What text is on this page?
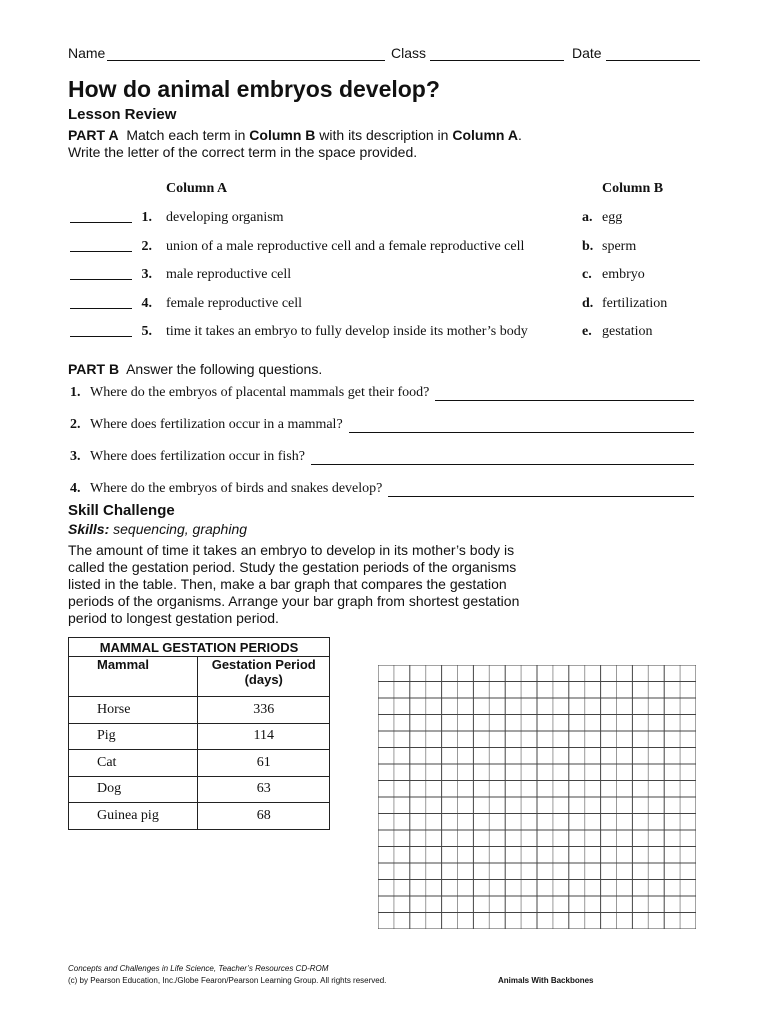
Name	Class	Date
How do animal embryos develop?
Lesson Review
PART A Match each term in Column B with its description in Column A. Write the letter of the correct term in the space provided.
Column A	Column B
1. developing organism	a. egg
2. union of a male reproductive cell and a female reproductive cell	b. sperm
3. male reproductive cell	c. embryo
4. female reproductive cell	d. fertilization
5. time it takes an embryo to fully develop inside its mother’s body	e. gestation
PART B Answer the following questions.
1. Where do the embryos of placental mammals get their food?
2. Where does fertilization occur in a mammal?
3. Where does fertilization occur in fish?
4. Where do the embryos of birds and snakes develop?
Skill Challenge
Skills: sequencing, graphing
The amount of time it takes an embryo to develop in its mother’s body is called the gestation period. Study the gestation periods of the organisms listed in the table. Then, make a bar graph that compares the gestation periods of the organisms. Arrange your bar graph from shortest gestation period to longest gestation period.
MAMMAL GESTATION PERIODS	
Mammal	Gestation Period (days)
Horse	336
Pig	114
Cat	61
Dog	63
Guinea pig	68
Concepts and Challenges in Life Science, Teacher’s Resources CD-ROM
(c) by Pearson Education, Inc./Globe Fearon/Pearson Learning Group. All rights reserved.	Animals With Backbones
